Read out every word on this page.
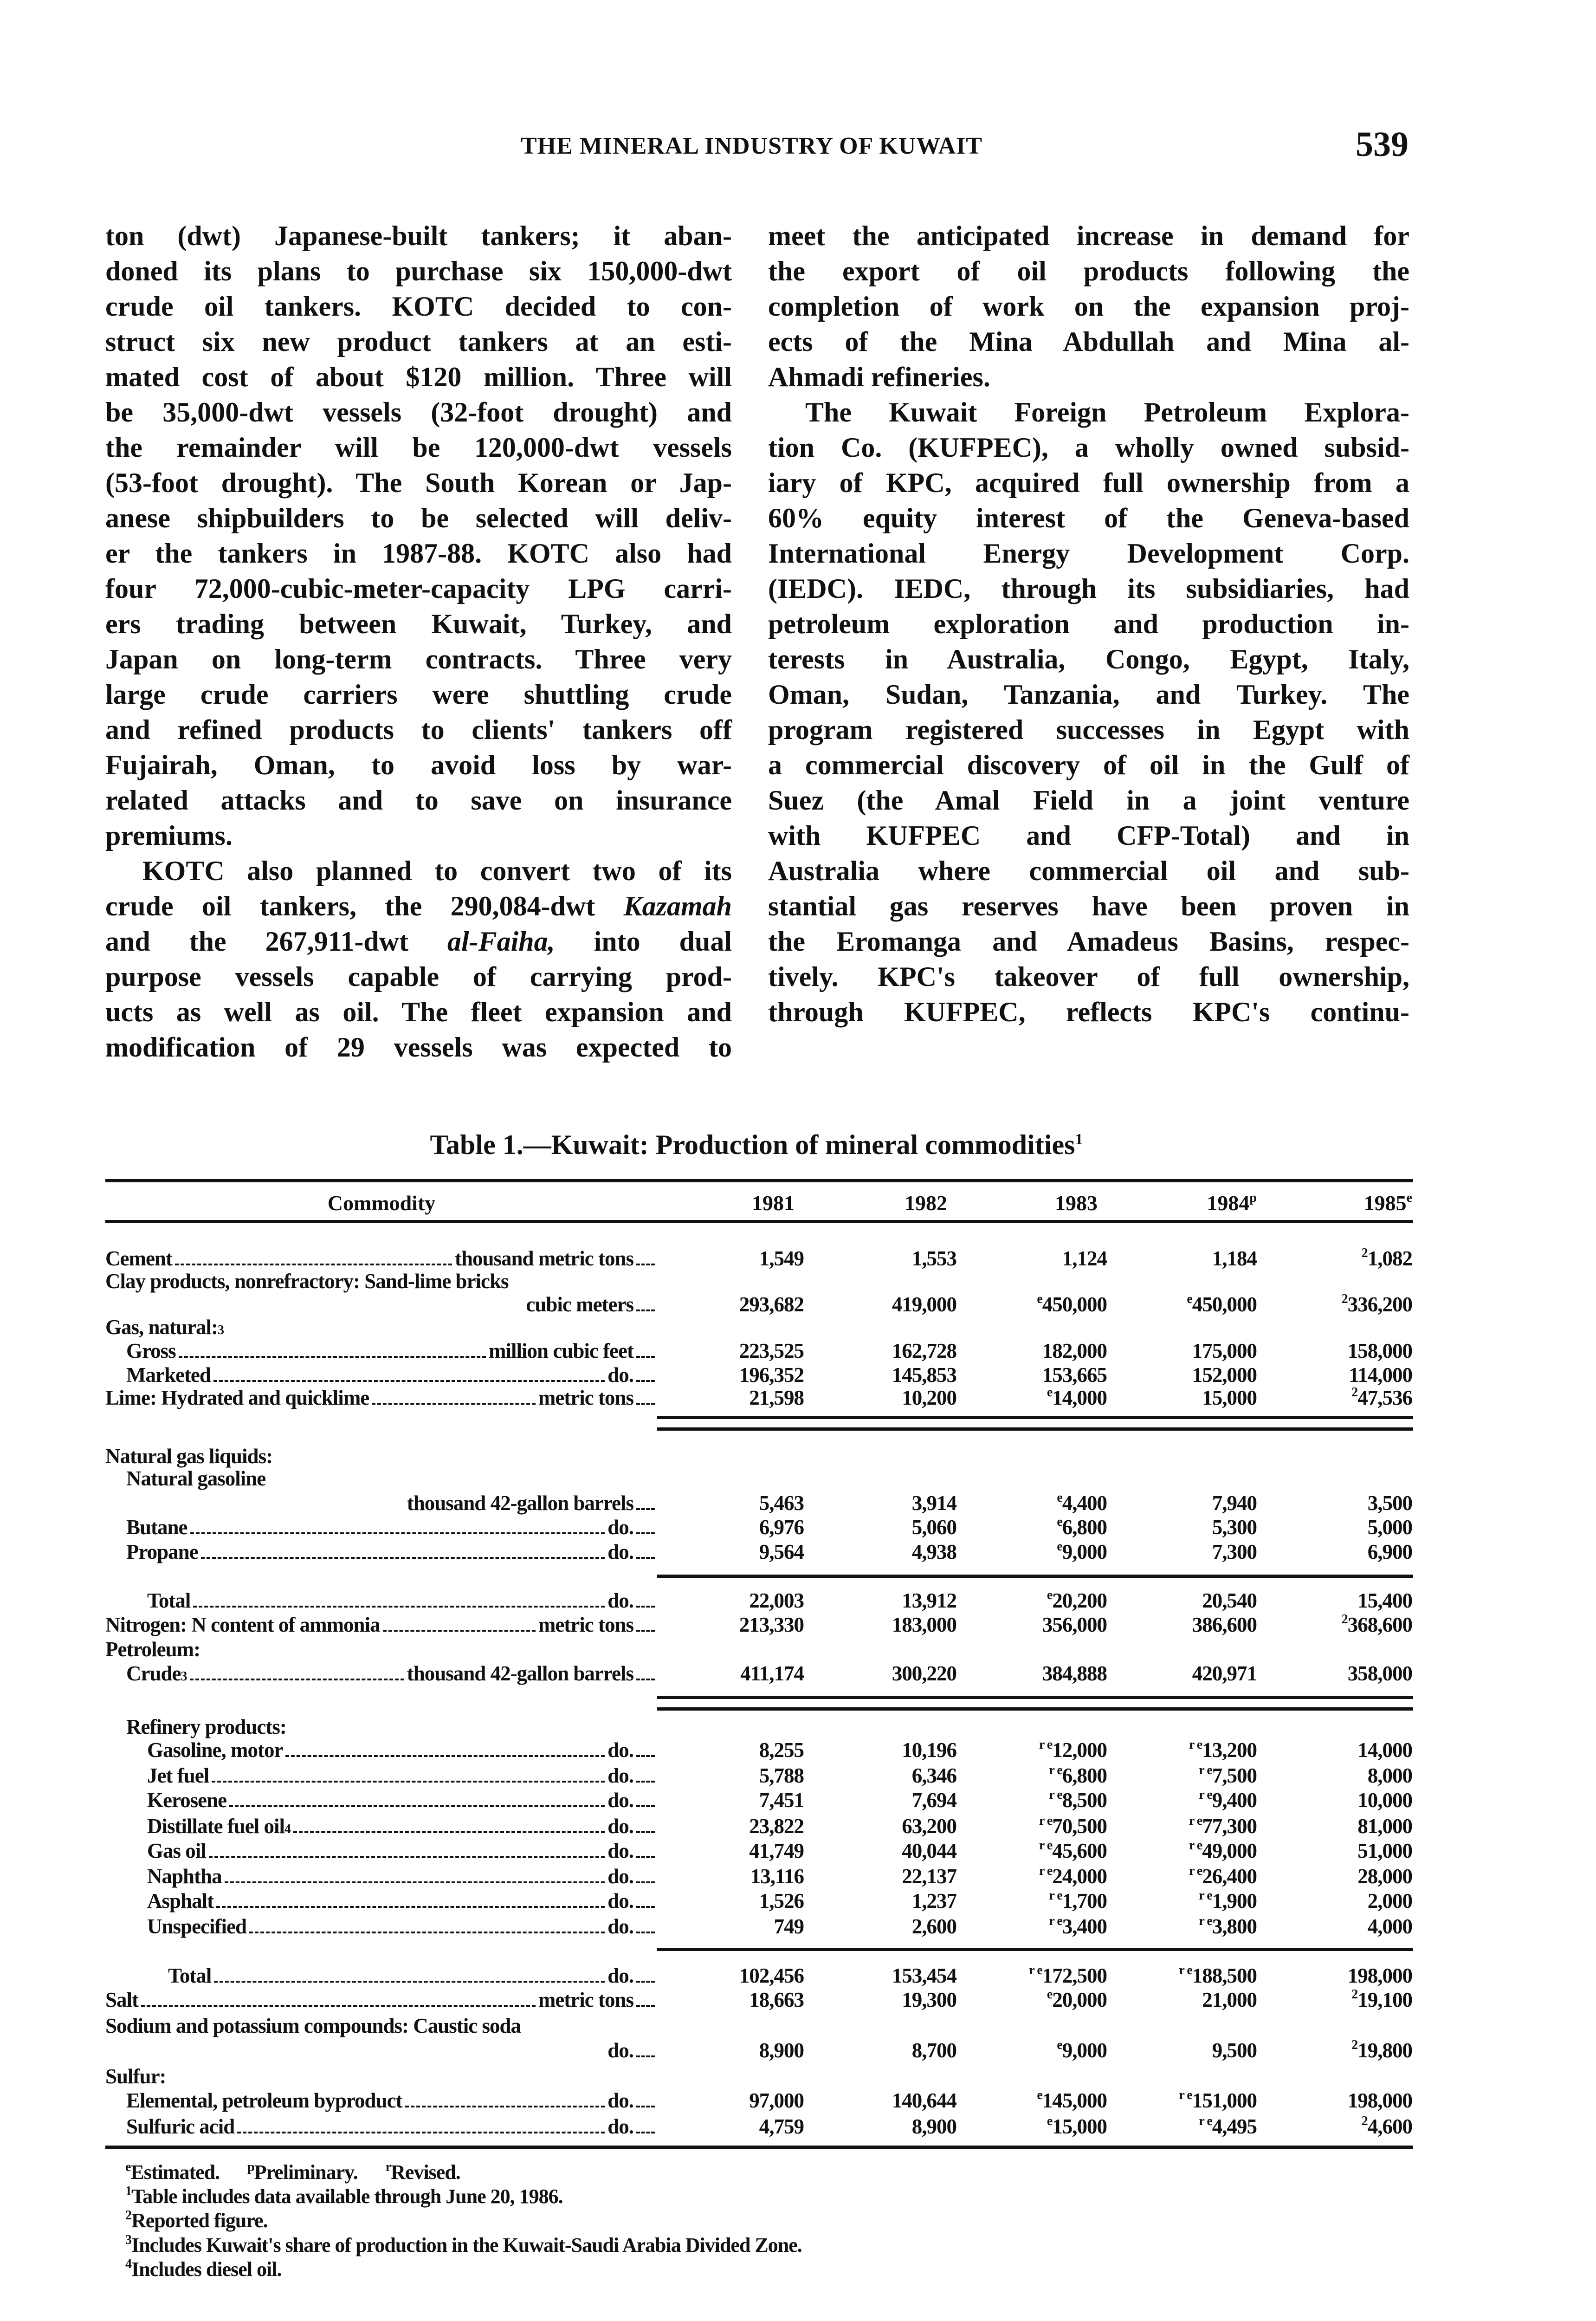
THE MINERAL INDUSTRY OF KUWAIT	539
ton (dwt) Japanese-built tankers; it aban-
doned its plans to purchase six 150,000-dwt
crude oil tankers. KOTC decided to con-
struct six new product tankers at an esti-
mated cost of about $120 million. Three will
be 35,000-dwt vessels (32-foot drought) and
the remainder will be 120,000-dwt vessels
(53-foot drought). The South Korean or Jap-
anese shipbuilders to be selected will deliv-
er the tankers in 1987-88. KOTC also had
four 72,000-cubic-meter-capacity LPG carri-
ers trading between Kuwait, Turkey, and
Japan on long-term contracts. Three very
large crude carriers were shuttling crude
and refined products to clients' tankers off
Fujairah, Oman, to avoid loss by war-
related attacks and to save on insurance
premiums.
KOTC also planned to convert two of its
crude oil tankers, the 290,084-dwt Kazamah
and the 267,911-dwt al-Faiha, into dual
purpose vessels capable of carrying prod-
ucts as well as oil. The fleet expansion and
modification of 29 vessels was expected to
meet the anticipated increase in demand for
the export of oil products following the
completion of work on the expansion proj-
ects of the Mina Abdullah and Mina al-
Ahmadi refineries.
The Kuwait Foreign Petroleum Explora-
tion Co. (KUFPEC), a wholly owned subsid-
iary of KPC, acquired full ownership from a
60% equity interest of the Geneva-based
International Energy Development Corp.
(IEDC). IEDC, through its subsidiaries, had
petroleum exploration and production in-
terests in Australia, Congo, Egypt, Italy,
Oman, Sudan, Tanzania, and Turkey. The
program registered successes in Egypt with
a commercial discovery of oil in the Gulf of
Suez (the Amal Field in a joint venture
with KUFPEC and CFP-Total) and in
Australia where commercial oil and sub-
stantial gas reserves have been proven in
the Eromanga and Amadeus Basins, respec-
tively. KPC's takeover of full ownership,
through KUFPEC, reflects KPC's continu-
Table 1.—Kuwait: Production of mineral commodities$^1$
Commodity	1981	1982	1983	1984$^p$	1985e
Cement	thousand metric tons	1,549	1,553	1,124	1,184	$^2$1,082
Clay products, nonrefractory: Sand-lime bricks
cubic meters	293,682	419,000	$^e$450,000	$^e$450,000	$^2$336,200
Gas, natural: 3
Gross	million cubic feet	223,525	162,728	182,000	175,000	158,000
Marketed	do.	196,352	145,853	153,665	152,000	114,000
Lime: Hydrated and quicklime	metric tons	21,598	10,200	$^e$14,000	15,000	$^2$47,536
Natural gas liquids:
Natural gasoline
thousand 42-gallon barrels	5,463	3,914	$^e$4,400	7,940	3,500
Butane	do.	6,976	5,060	$^e$6,800	5,300	5,000
Propane	do.	9,564	4,938	$^e$9,000	7,300	6,900
Total	do.	22,003	13,912	$^e$20,200	20,540	15,400
Nitrogen: N content of ammonia	metric tons	213,330	183,000	356,000	386,600	$^2$368,600
Petroleum:
Crude 3	thousand 42-gallon barrels	411,174	300,220	384,888	420,971	358,000
Refinery products:
Gasoline, motor	do.	8,255	10,196	$^{r e}$12,000	$^{r e}$13,200	14,000
Jet fuel	do.	5,788	6,346	$^{r e}$6,800	$^{r e}$7,500	8,000
Kerosene	do.	7,451	7,694	$^{r e}$8,500	$^{r e}$9,400	10,000
Distillate fuel oil 4	do.	23,822	63,200	$^{r e}$70,500	$^{r e}$77,300	81,000
Gas oil	do.	41,749	40,044	$^{r e}$45,600	$^{r e}$49,000	51,000
Naphtha	do.	13,116	22,137	$^{r e}$24,000	$^{r e}$26,400	28,000
Asphalt	do.	1,526	1,237	$^{r e}$1,700	$^{r e}$1,900	2,000
Unspecified	do.	749	2,600	$^{r e}$3,400	$^{r e}$3,800	4,000
Total	do.	102,456	153,454	$^{r e}$172,500	$^{r e}$188,500	198,000
Salt	metric tons	18,663	19,300	$^e$20,000	21,000	$^2$19,100
Sodium and potassium compounds: Caustic soda
do.	8,900	8,700	$^e$9,000	9,500	$^2$19,800
Sulfur:
Elemental, petroleum byproduct	do.	97,000	140,644	$^e$145,000	$^{r e}$151,000	198,000
Sulfuric acid	do.	4,759	8,900	$^e$15,000	$^{r e}$4,495	$^2$4,600
$^e$Estimated. $^p$Preliminary. $^r$Revised.
$^1$Table includes data available through June 20, 1986.
$^2$Reported figure.
$^3$Includes Kuwait's share of production in the Kuwait-Saudi Arabia Divided Zone.
$^4$Includes diesel oil.
